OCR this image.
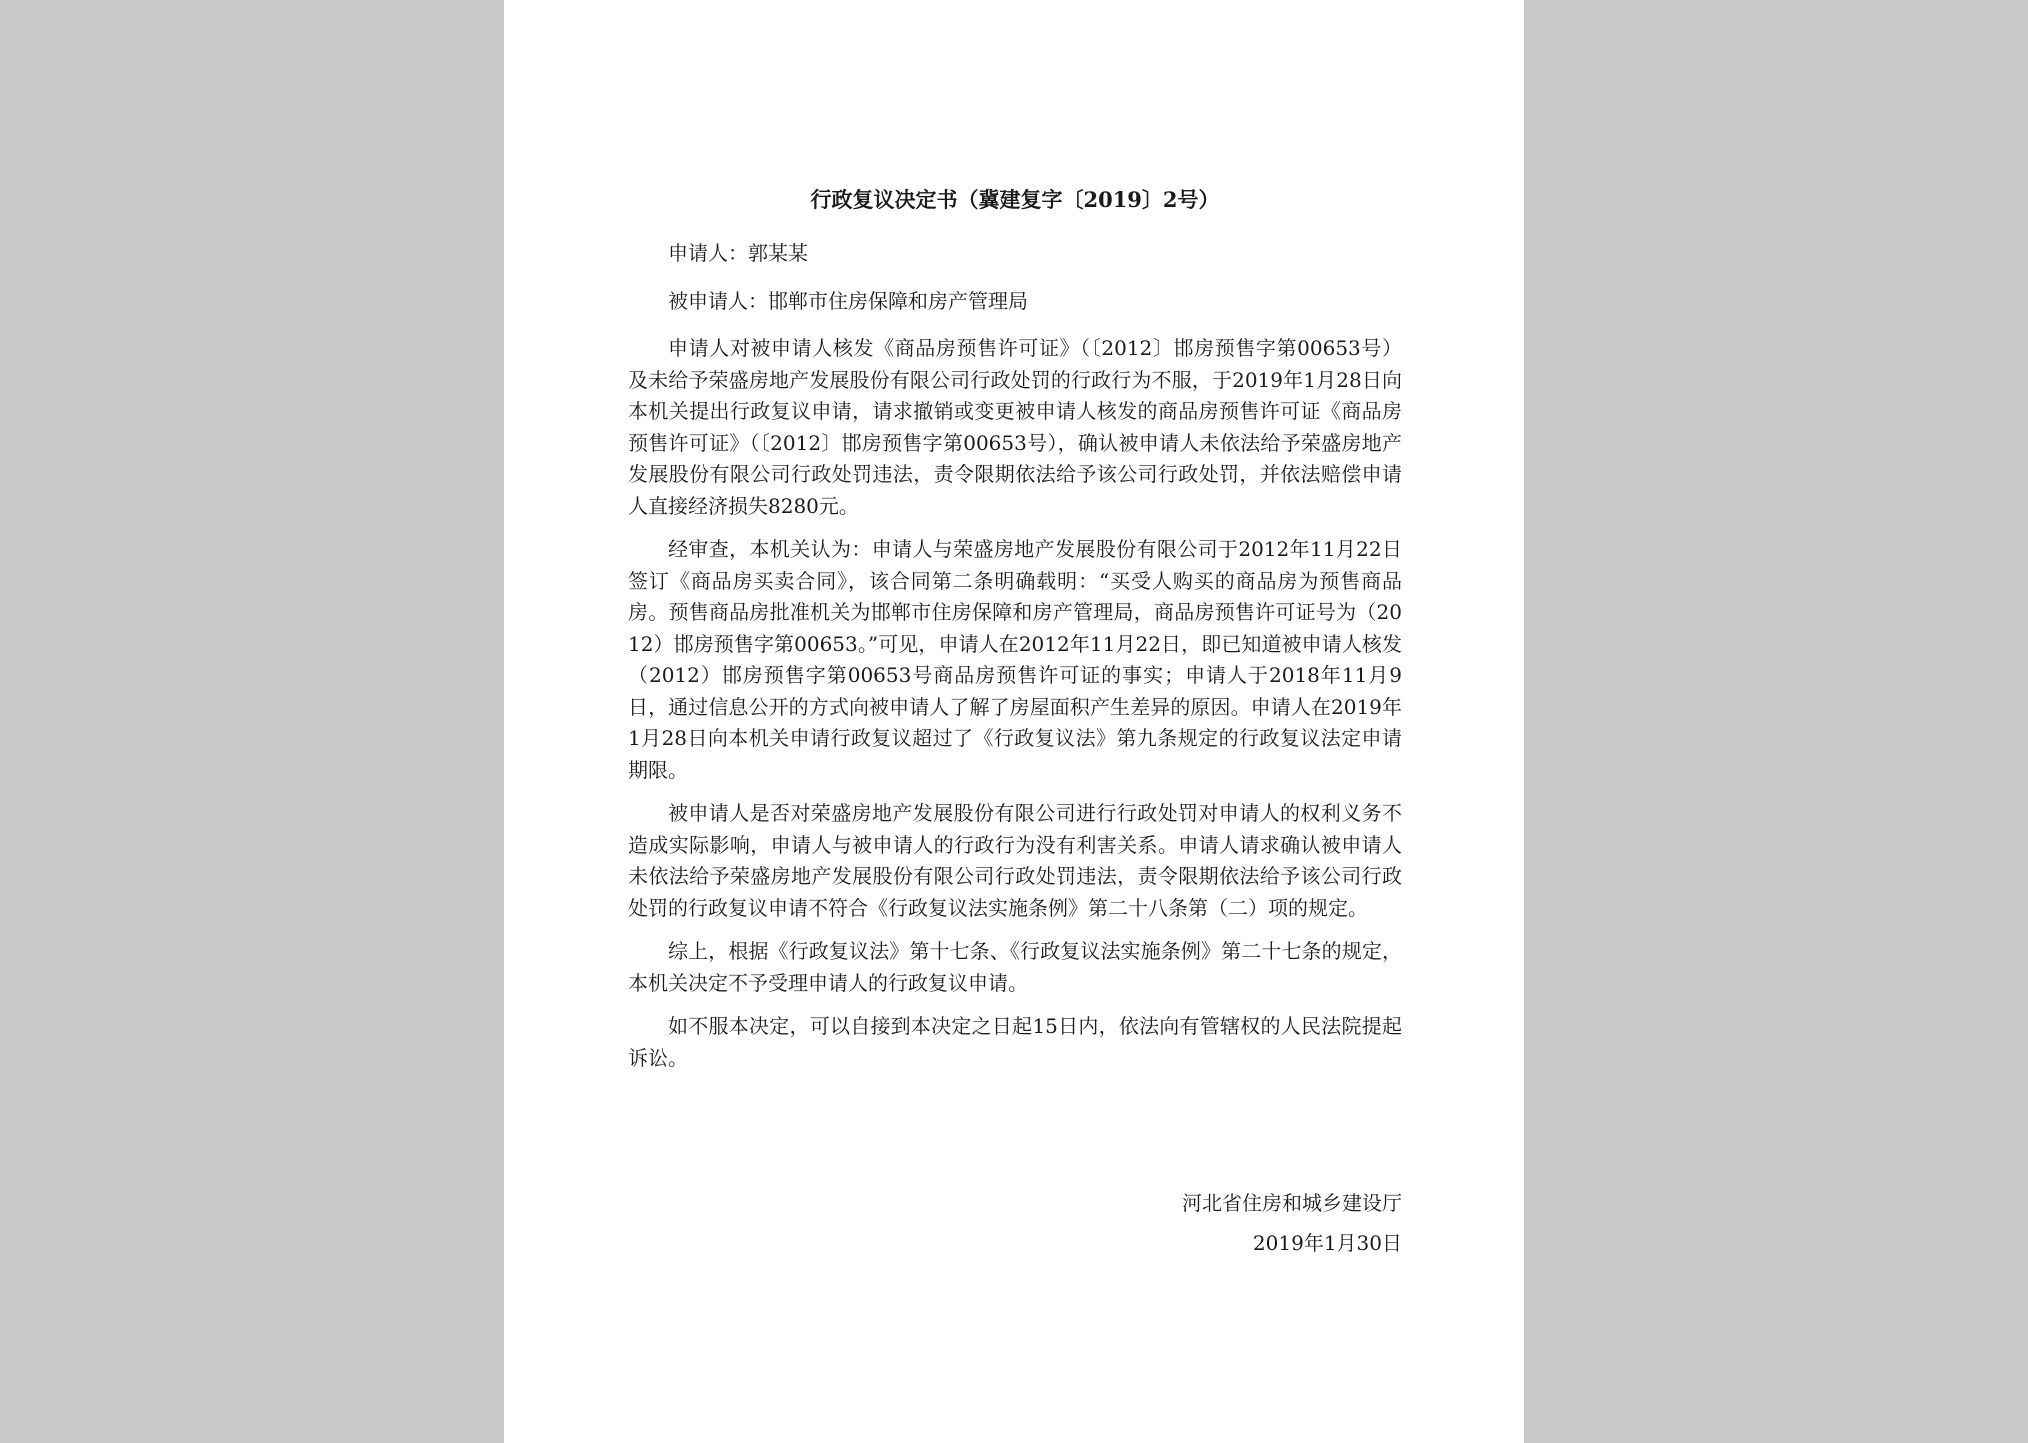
行政复议决定书（冀建复字〔2019〕2号）

申请人：郭某某

被申请人：邯郸市住房保障和房产管理局

申请人对被申请人核发《商品房预售许可证》（〔2012〕邯房预售字第00653号）及未给予荣盛房地产发展股份有限公司行政处罚的行政行为不服，于2019年1月28日向本机关提出行政复议申请，请求撤销或变更被申请人核发的商品房预售许可证《商品房预售许可证》（〔2012〕邯房预售字第00653号），确认被申请人未依法给予荣盛房地产发展股份有限公司行政处罚违法，责令限期依法给予该公司行政处罚，并依法赔偿申请人直接经济损失8280元。

经审查，本机关认为：申请人与荣盛房地产发展股份有限公司于2012年11月22日签订《商品房买卖合同》，该合同第二条明确载明：“买受人购买的商品房为预售商品房。预售商品房批准机关为邯郸市住房保障和房产管理局，商品房预售许可证号为（2012）邯房预售字第00653。”可见，申请人在2012年11月22日，即已知道被申请人核发（2012）邯房预售字第00653号商品房预售许可证的事实；申请人于2018年11月9日，通过信息公开的方式向被申请人了解了房屋面积产生差异的原因。申请人在2019年1月28日向本机关申请行政复议超过了《行政复议法》第九条规定的行政复议法定申请期限。

被申请人是否对荣盛房地产发展股份有限公司进行行政处罚对申请人的权利义务不造成实际影响，申请人与被申请人的行政行为没有利害关系。申请人请求确认被申请人未依法给予荣盛房地产发展股份有限公司行政处罚违法，责令限期依法给予该公司行政处罚的行政复议申请不符合《行政复议法实施条例》第二十八条第（二）项的规定。

综上，根据《行政复议法》第十七条、《行政复议法实施条例》第二十七条的规定，本机关决定不予受理申请人的行政复议申请。

如不服本决定，可以自接到本决定之日起15日内，依法向有管辖权的人民法院提起诉讼。

河北省住房和城乡建设厅
2019年1月30日
